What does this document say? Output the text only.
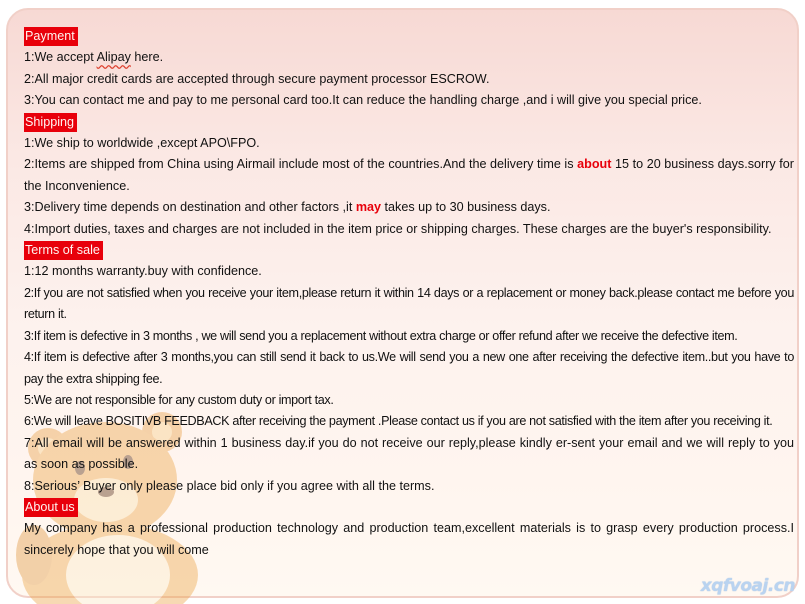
Payment

1:We accept Alipay here.

2:All major credit cards are accepted through secure payment processor ESCROW.

3:You can contact me and pay to me personal card too.It can reduce the handling charge ,and i will give you special price.

Shipping

1:We ship to worldwide ,except APO\FPO.

2:Items are shipped from China using Airmail include most of the countries.And the delivery time is about 15 to 20 business days.sorry for the Inconvenience.

3:Delivery time depends on destination and other factors ,it may takes up to 30 business days.

4:Import duties, taxes and charges are not included in the item price or shipping charges. These charges are the buyer's responsibility.

Terms of sale

1:12 months warranty.buy with confidence.

2:If you are not satisfied when you receive your item,please return it within 14 days or a replacement or money back.please contact me before you return it.

3:If item is defective in 3 months , we will send you a replacement without extra charge or offer refund after we receive the defective item.

4:If item is defective after 3 months,you can still send it back to us.We will send you a new one after receiving the defective item..but you have to pay the extra shipping fee.

5:We are not responsible for any custom duty or import tax.

6:We will leave BOSITIVB FEEDBACK after receiving the payment .Please contact us if you are not satisfied with the item after you receiving it.

7:All email will be answered within 1 business day.if you do not receive our reply,please kindly er-sent your email and we will reply to you as soon as possible.

8:Serious’ Buyer only please place bid only if you agree with all the terms.

About us

My company has a professional production technology and production team,excellent materials is to grasp every production process.I sincerely hope that you will come

xqfvoaj.cn
